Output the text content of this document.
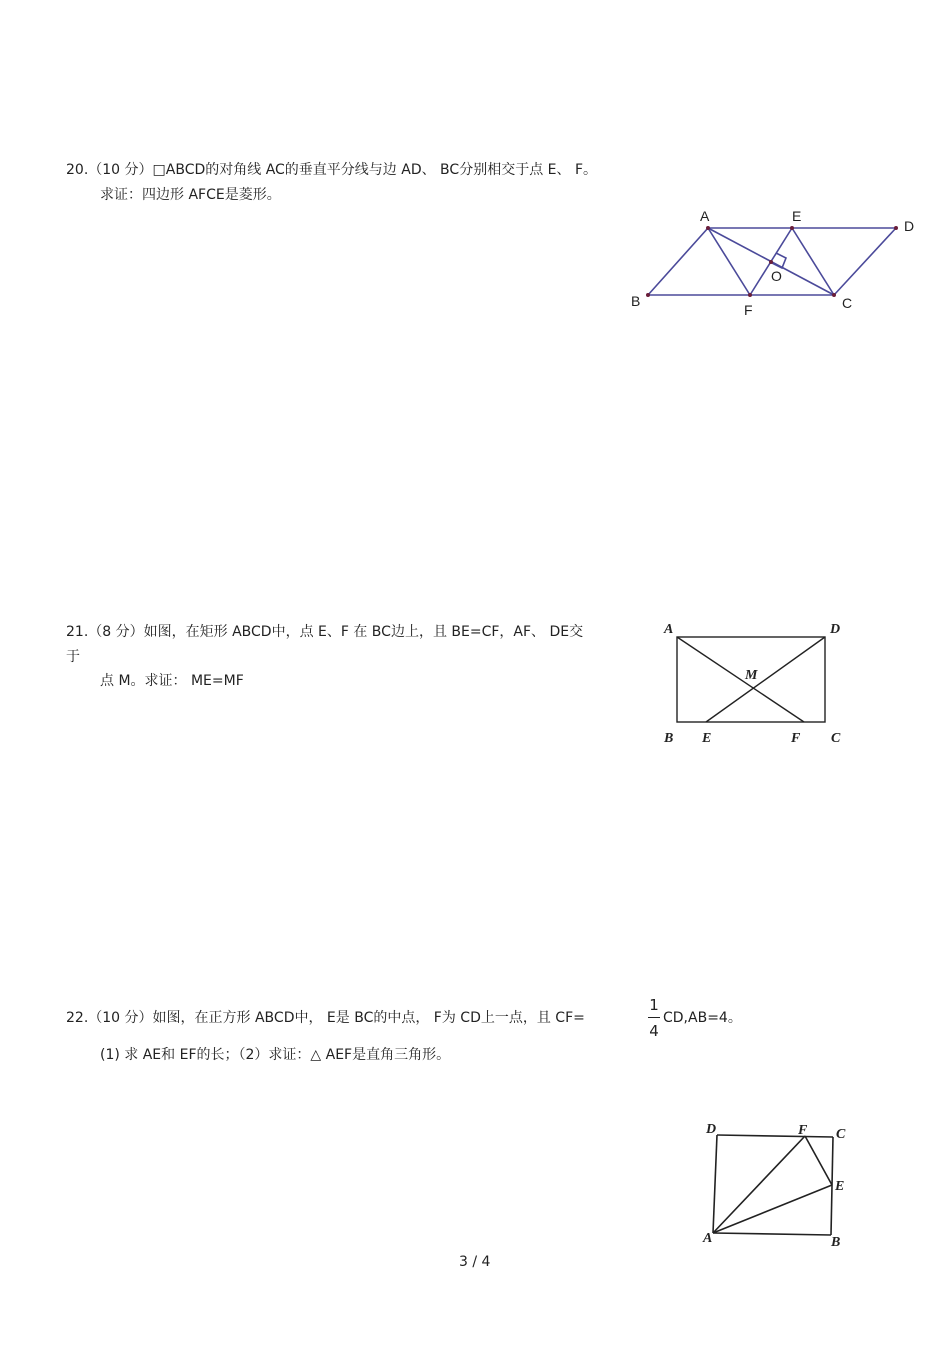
20.（10 分）□ABCD的对角线 AC的垂直平分线与边 AD、 BC分别相交于点 E、 F。
求证：四边形 AFCE是菱形。
A	E
D
O
B
F	C
21.（8 分）如图，在矩形 ABCD中，点 E、F 在 BC边上，且 BE=CF，AF、 DE交
于
点 M。求证： ME=MF
A	D
M
B E	F C
22.（10 分）如图，在正方形 ABCD中， E是 BC的中点， F为 CD上一点，且 CF=
1
4
CD,AB=4。
(1) 求 AE和 EF的长；（2）求证：△ AEF是直角三角形。
D	F C
E
A	B
3 / 4
